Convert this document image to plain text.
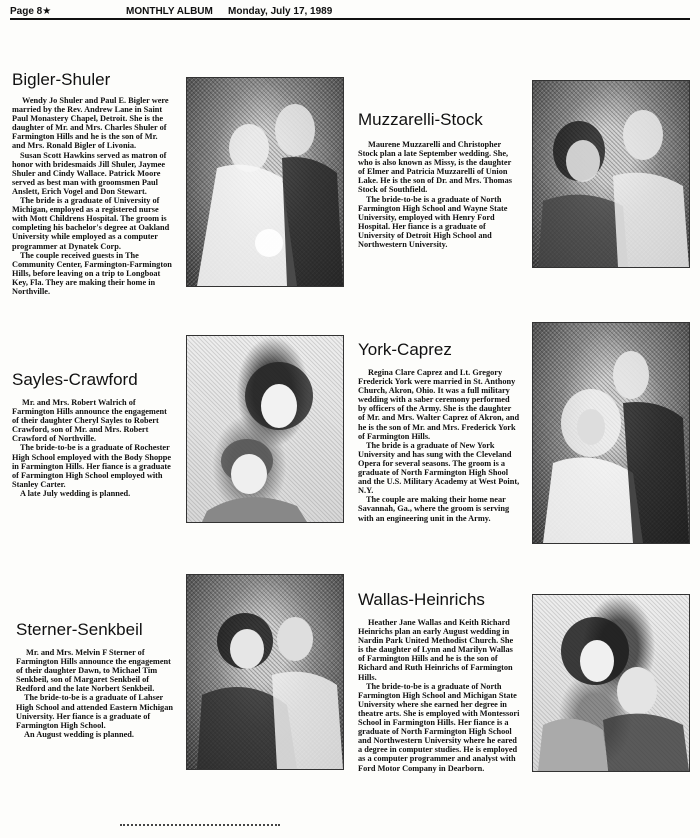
Page 8★	MONTHLY ALBUM Monday, July 17, 1989
Bigler-Shuler

Wendy Jo Shuler and Paul E. Bigler were married by the Rev. Andrew Lane in Saint Paul Monastery Chapel, Detroit. She is the daughter of Mr. and Mrs. Charles Shuler of Farmington Hills and he is the son of Mr. and Mrs. Ronald Bigler of Livonia.

Susan Scott Hawkins served as matron of honor with bridesmaids Jill Shuler, Jaymee Shuler and Cindy Wallace. Patrick Moore served as best man with groomsmen Paul Anslett, Erich Vogel and Don Stewart.

The bride is a graduate of University of Michigan, employed as a registered nurse with Mott Childrens Hospital. The groom is completing his bachelor's degree at Oakland University while employed as a computer programmer at Dynatek Corp.

The couple received guests in The Community Center, Farmington-Farmington Hills, before leaving on a trip to Longboat Key, Fla. They are making their home in Northville.

Muzzarelli-Stock

Maurene Muzzarelli and Christopher Stock plan a late September wedding. She, who is also known as Missy, is the daughter of Elmer and Patricia Muzzarelli of Union Lake. He is the son of Dr. and Mrs. Thomas Stock of Southfield.

The bride-to-be is a graduate of North Farmington High School and Wayne State University, employed with Henry Ford Hospital. Her fiance is a graduate of University of Detroit High School and Northwestern University.

Sayles-Crawford

Mr. and Mrs. Robert Walrich of Farmington Hills announce the engagement of their daughter Cheryl Sayles to Robert Crawford, son of Mr. and Mrs. Robert Crawford of Northville.

The bride-to-be is a graduate of Rochester High School employed with the Body Shoppe in Farmington Hills. Her fiance is a graduate of Farmington High School employed with Stanley Carter.

A late July wedding is planned.

York-Caprez

Regina Clare Caprez and Lt. Gregory Frederick York were married in St. Anthony Church, Akron, Ohio. It was a full military wedding with a saber ceremony performed by officers of the Army. She is the daughter of Mr. and Mrs. Walter Caprez of Akron, and he is the son of Mr. and Mrs. Frederick York of Farmington Hills.

The bride is a graduate of New York University and has sung with the Cleveland Opera for several seasons. The groom is a graduate of North Farmington High Shool and the U.S. Military Academy at West Point, N.Y.

The couple are making their home near Savannah, Ga., where the groom is serving with an engineering unit in the Army.

Sterner-Senkbeil

Mr. and Mrs. Melvin F Sterner of Farmington Hills announce the engagement of their daughter Dawn, to Michael Tim Senkbeil, son of Margaret Senkbeil of Redford and the late Norbert Senkbeil.

The bride-to-be is a graduate of Lahser High School and attended Eastern Michigan University. Her fiance is a graduate of Farmington High School.

An August wedding is planned.

Wallas-Heinrichs

Heather Jane Wallas and Keith Richard Heinrichs plan an early August wedding in Nardin Park United Methodist Church. She is the daughter of Lynn and Marilyn Wallas of Farmington Hills and he is the son of Richard and Ruth Heinrichs of Farmington Hills.

The bride-to-be is a graduate of North Farmington High School and Michigan State University where she earned her degree in theatre arts. She is employed with Montessori School in Farmington Hills. Her fiance is a graduate of North Farmington High School and Northwestern University where he eared a degree in computer studies. He is employed as a computer programmer and analyst with Ford Motor Company in Dearborn.
